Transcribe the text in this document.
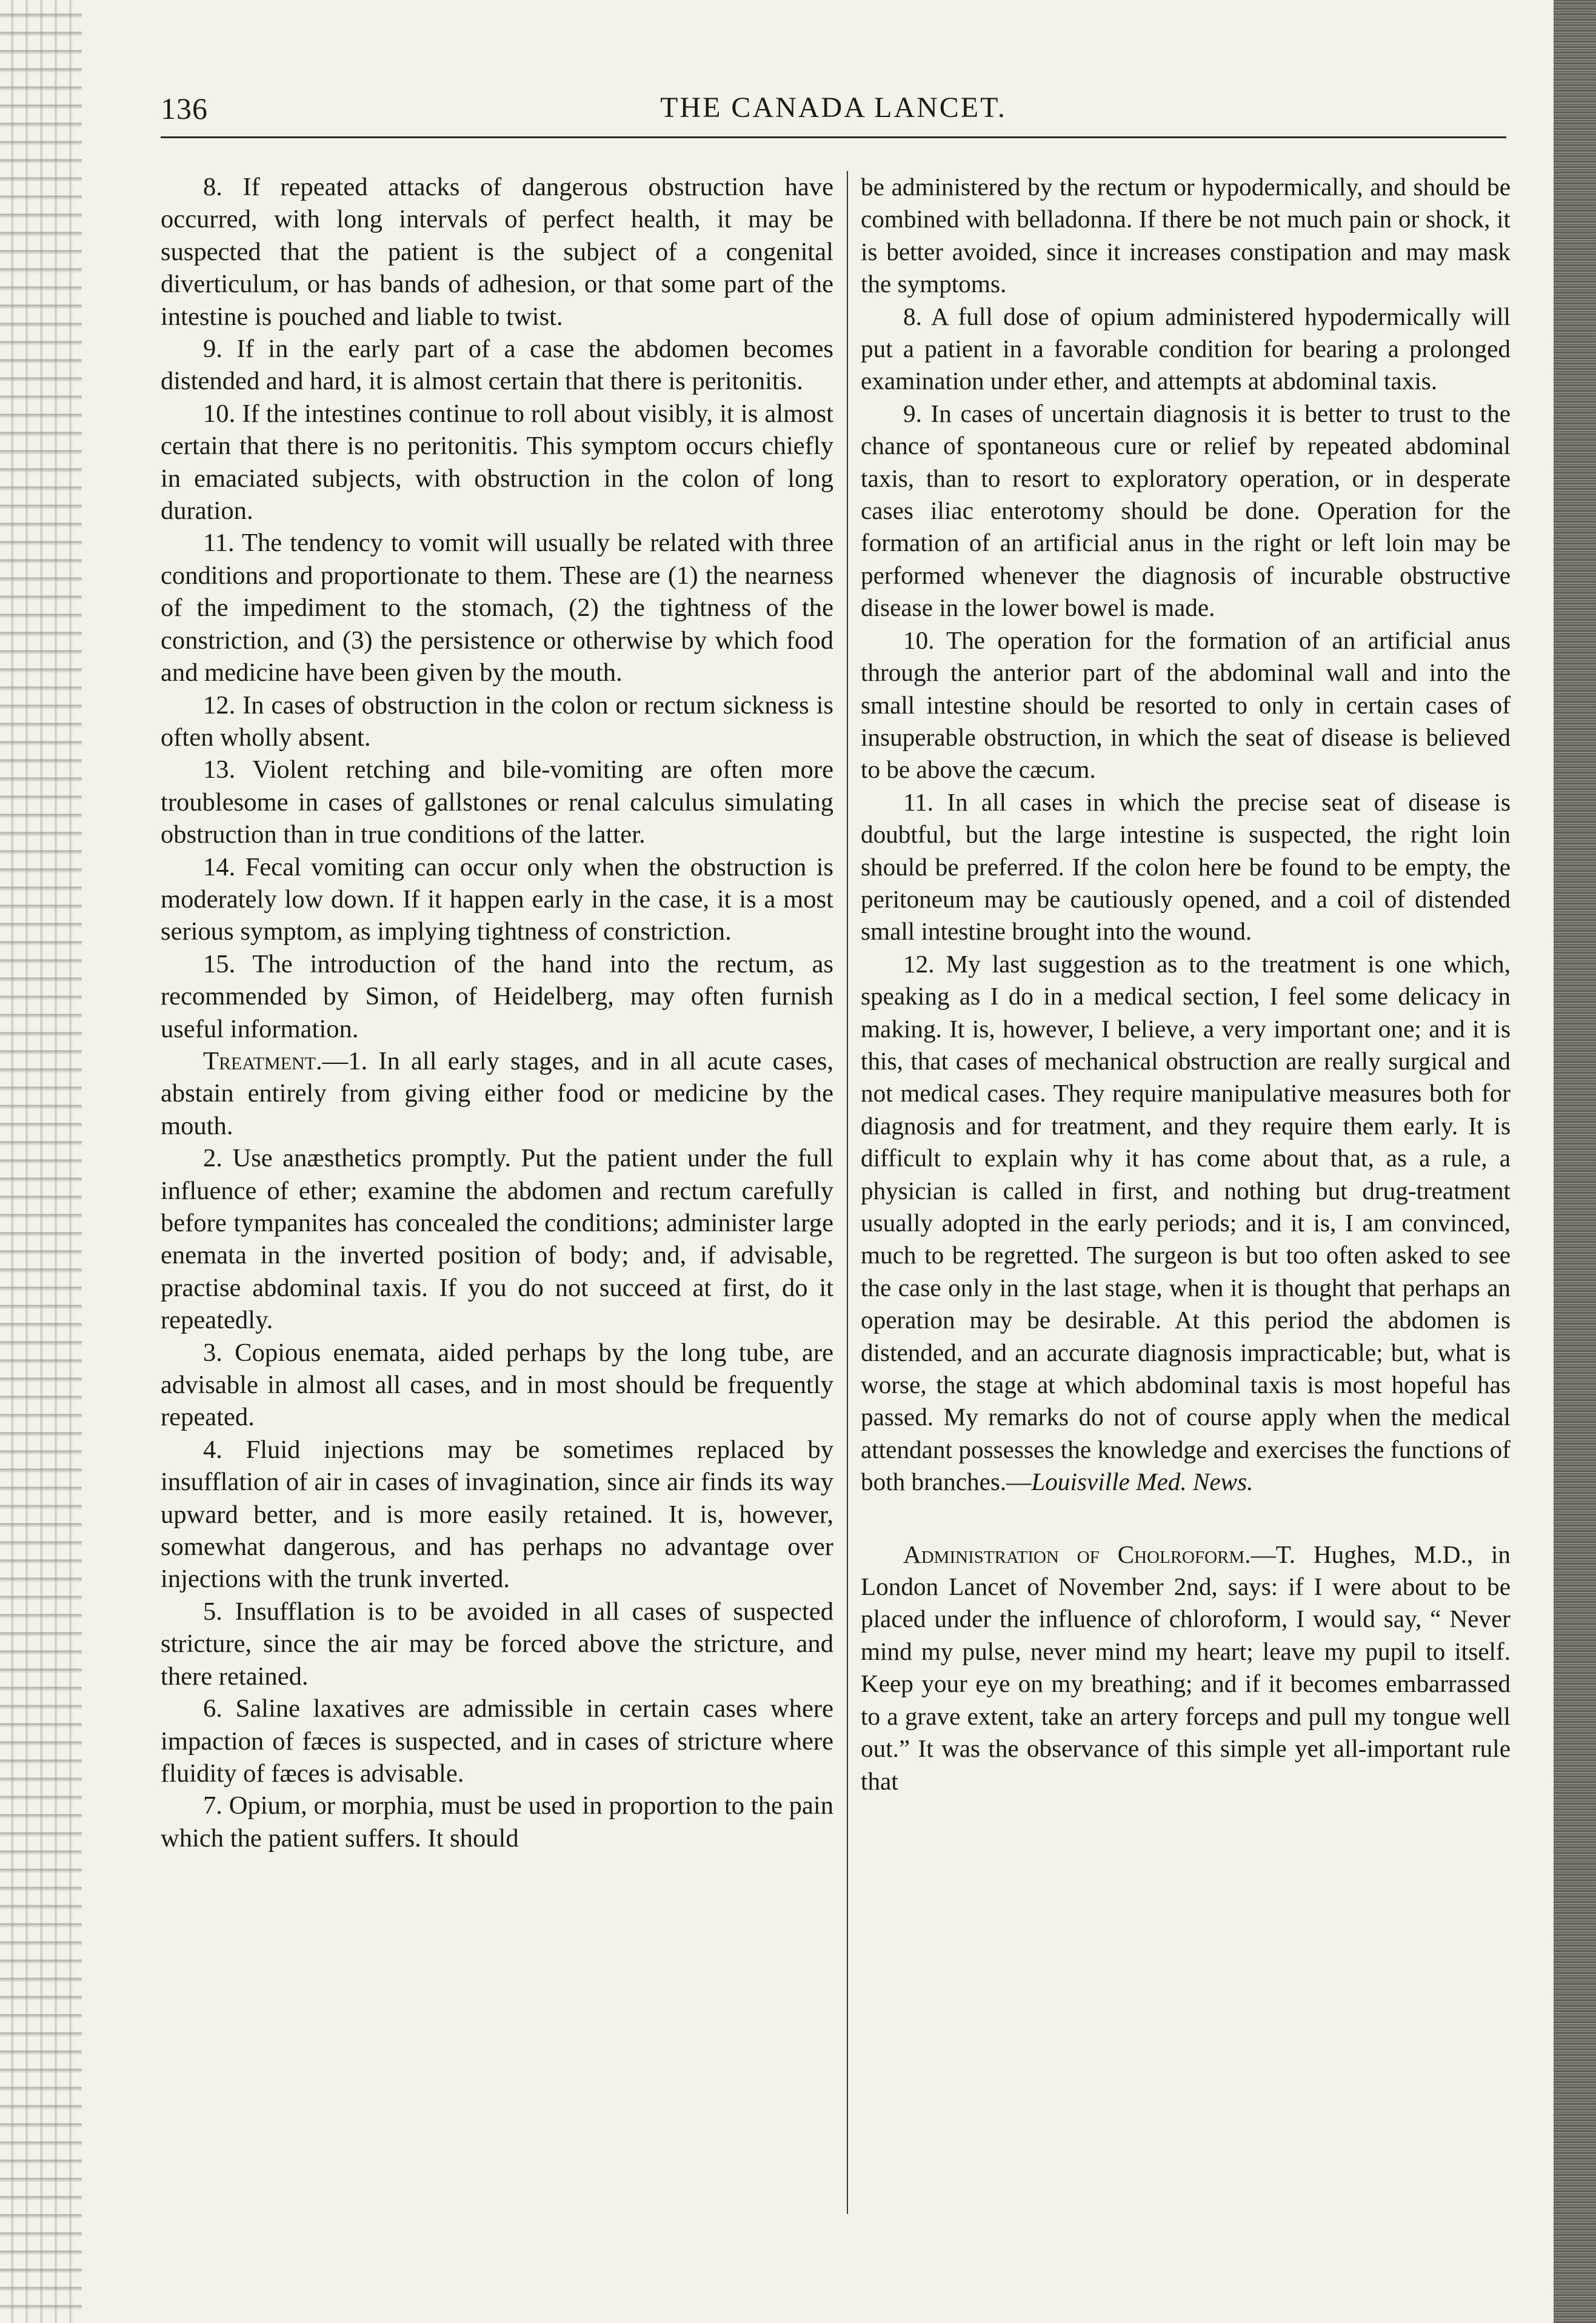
136	THE CANADA LANCET.

8. If repeated attacks of dangerous obstruction have occurred, with long intervals of perfect health, it may be suspected that the patient is the subject of a congenital diverticulum, or has bands of adhesion, or that some part of the intestine is pouched and liable to twist.

9. If in the early part of a case the abdomen becomes distended and hard, it is almost certain that there is peritonitis.

10. If the intestines continue to roll about visibly, it is almost certain that there is no peritonitis. This symptom occurs chiefly in emaciated subjects, with obstruction in the colon of long duration.

11. The tendency to vomit will usually be related with three conditions and proportionate to them. These are (1) the nearness of the impediment to the stomach, (2) the tightness of the constriction, and (3) the persistence or otherwise by which food and medicine have been given by the mouth.

12. In cases of obstruction in the colon or rectum sickness is often wholly absent.

13. Violent retching and bile-vomiting are often more troublesome in cases of gallstones or renal calculus simulating obstruction than in true conditions of the latter.

14. Fecal vomiting can occur only when the obstruction is moderately low down. If it happen early in the case, it is a most serious symptom, as implying tightness of constriction.

15. The introduction of the hand into the rectum, as recommended by Simon, of Heidelberg, may often furnish useful information.

Treatment.—1. In all early stages, and in all acute cases, abstain entirely from giving either food or medicine by the mouth.

2. Use anæsthetics promptly. Put the patient under the full influence of ether; examine the abdomen and rectum carefully before tympanites has concealed the conditions; administer large enemata in the inverted position of body; and, if advisable, practise abdominal taxis. If you do not succeed at first, do it repeatedly.

3. Copious enemata, aided perhaps by the long tube, are advisable in almost all cases, and in most should be frequently repeated.

4. Fluid injections may be sometimes replaced by insufflation of air in cases of invagination, since air finds its way upward better, and is more easily retained. It is, however, somewhat dangerous, and has perhaps no advantage over injections with the trunk inverted.

5. Insufflation is to be avoided in all cases of suspected stricture, since the air may be forced above the stricture, and there retained.

6. Saline laxatives are admissible in certain cases where impaction of fæces is suspected, and in cases of stricture where fluidity of fæces is advisable.

7. Opium, or morphia, must be used in proportion to the pain which the patient suffers. It should

be administered by the rectum or hypodermically, and should be combined with belladonna. If there be not much pain or shock, it is better avoided, since it increases constipation and may mask the symptoms.

8. A full dose of opium administered hypodermically will put a patient in a favorable condition for bearing a prolonged examination under ether, and attempts at abdominal taxis.

9. In cases of uncertain diagnosis it is better to trust to the chance of spontaneous cure or relief by repeated abdominal taxis, than to resort to exploratory operation, or in desperate cases iliac enterotomy should be done. Operation for the formation of an artificial anus in the right or left loin may be performed whenever the diagnosis of incurable obstructive disease in the lower bowel is made.

10. The operation for the formation of an artificial anus through the anterior part of the abdominal wall and into the small intestine should be resorted to only in certain cases of insuperable obstruction, in which the seat of disease is believed to be above the cæcum.

11. In all cases in which the precise seat of disease is doubtful, but the large intestine is suspected, the right loin should be preferred. If the colon here be found to be empty, the peritoneum may be cautiously opened, and a coil of distended small intestine brought into the wound.

12. My last suggestion as to the treatment is one which, speaking as I do in a medical section, I feel some delicacy in making. It is, however, I believe, a very important one; and it is this, that cases of mechanical obstruction are really surgical and not medical cases. They require manipulative measures both for diagnosis and for treatment, and they require them early. It is difficult to explain why it has come about that, as a rule, a physician is called in first, and nothing but drug-treatment usually adopted in the early periods; and it is, I am convinced, much to be regretted. The surgeon is but too often asked to see the case only in the last stage, when it is thought that perhaps an operation may be desirable. At this period the abdomen is distended, and an accurate diagnosis impracticable; but, what is worse, the stage at which abdominal taxis is most hopeful has passed. My remarks do not of course apply when the medical attendant possesses the knowledge and exercises the functions of both branches.—Louisville Med. News.

Administration of Cholroform.—T. Hughes, M.D., in London Lancet of November 2nd, says: if I were about to be placed under the influence of chloroform, I would say, “ Never mind my pulse, never mind my heart; leave my pupil to itself. Keep your eye on my breathing; and if it becomes embarrassed to a grave extent, take an artery forceps and pull my tongue well out.” It was the observance of this simple yet all-important rule that
